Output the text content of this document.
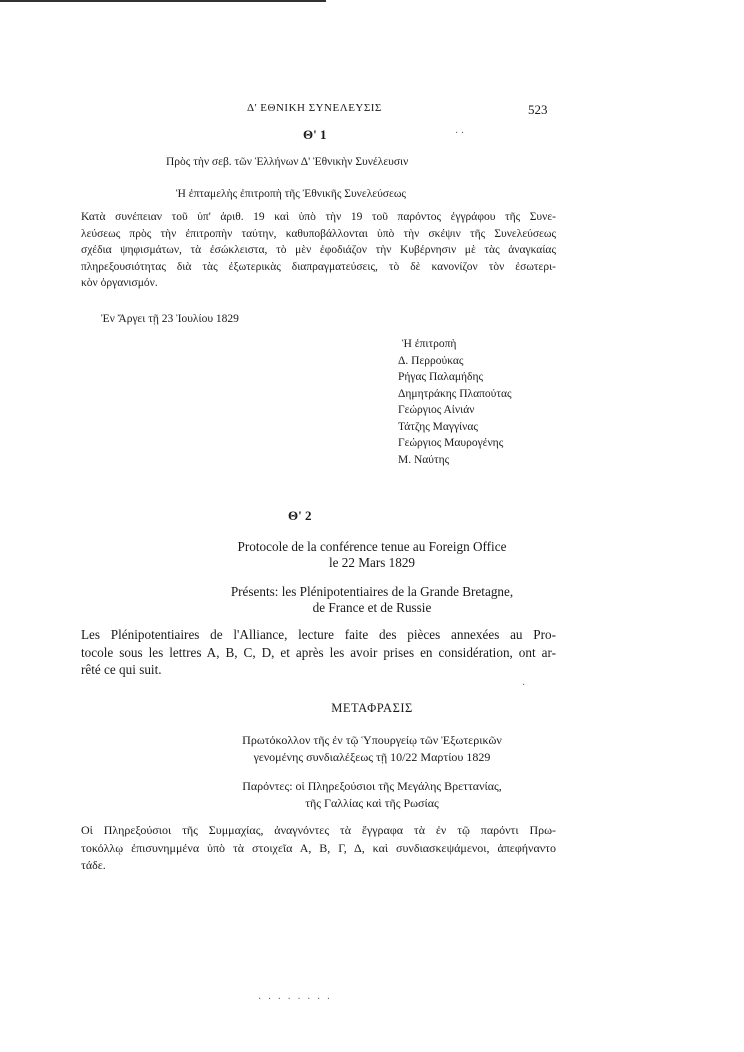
Δ' ΕΘΝΙΚΗ ΣΥΝΕΛΕΥΣΙΣ	523
Θ' 1
Πρὸς τὴν σεβ. τῶν Ἑλλήνων Δ' Ἐθνικὴν Συνέλευσιν
Ἡ ἐπταμελὴς ἐπιτροπὴ τῆς Ἐθνικῆς Συνελεύσεως
Κατὰ συνέπειαν τοῦ ὑπ' ἀριθ. 19 καὶ ὑπὸ τὴν 19 τοῦ παρόντος ἐγγράφου τῆς Συνε-
λεύσεως πρὸς τὴν ἐπιτροπὴν ταύτην, καθυποβάλλονται ὑπὸ τὴν σκέψιν τῆς Συνελεύσεως
σχέδια ψηφισμάτων, τὰ ἐσώκλειστα, τὸ μὲν ἐφοδιάζον τὴν Κυβέρνησιν μὲ τὰς ἀναγκαίας
πληρεξουσιότητας διὰ τὰς ἐξωτερικὰς διαπραγματεύσεις, τὸ δὲ κανονίζον τὸν ἐσωτερι-
κὸν ὀργανισμόν.
Ἐν Ἄργει τῇ 23 Ἰουλίου 1829
Ἡ ἐπιτροπὴ
Δ. Περρούκας
Ρήγας Παλαμήδης
Δημητράκης Πλαπούτας
Γεώργιος Αἰνιάν
Τάτζης Μαγγίνας
Γεώργιος Μαυρογένης
Μ. Ναύτης
Θ' 2
Protocole de la conférence tenue au Foreign Office
le 22 Mars 1829
Présents: les Plénipotentiaires de la Grande Bretagne,
de France et de Russie
Les Plénipotentiaires de l'Alliance, lecture faite des pièces annexées au Pro-
tocole sous les lettres A, B, C, D, et après les avoir prises en considération, ont ar-
rêté ce qui suit.
ΜΕΤΑΦΡΑΣΙΣ
Πρωτόκολλον τῆς ἐν τῷ Ὑπουργείῳ τῶν Ἐξωτερικῶν
γενομένης συνδιαλέξεως τῇ 10/22 Μαρτίου 1829
Παρόντες: οἱ Πληρεξούσιοι τῆς Μεγάλης Βρεττανίας,
τῆς Γαλλίας καὶ τῆς Ρωσίας
Οἱ Πληρεξούσιοι τῆς Συμμαχίας, ἀναγνόντες τὰ ἔγγραφα τὰ ἐν τῷ παρόντι Πρω-
τοκόλλῳ ἐπισυνημμένα ὑπὸ τὰ στοιχεῖα Α, Β, Γ, Δ, καὶ συνδιασκεψάμενοι, ἀπεφήναντο
τάδε.
· ·
·
· · · · · · · ·
